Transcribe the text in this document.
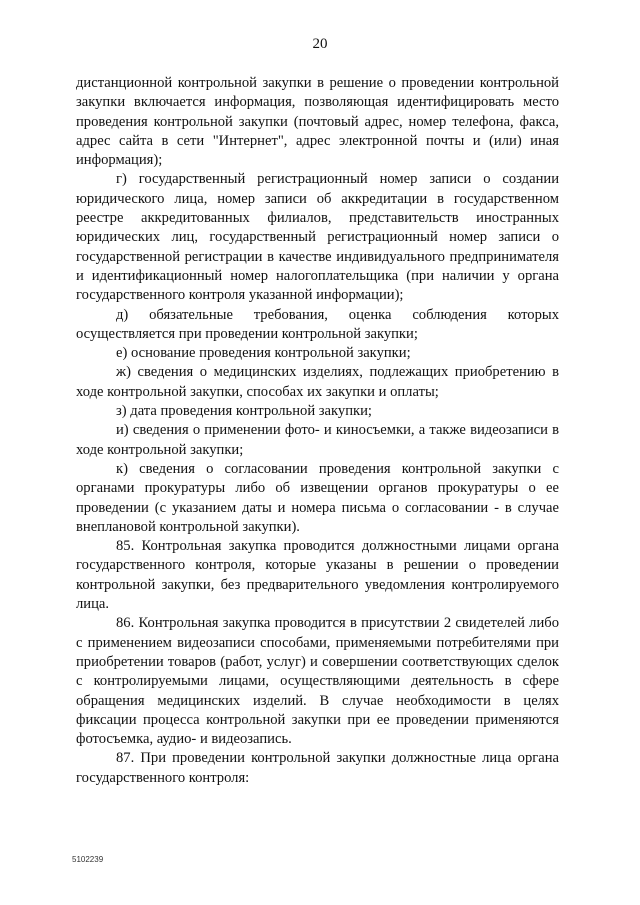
20

дистанционной контрольной закупки в решение о проведении контрольной закупки включается информация, позволяющая идентифицировать место проведения контрольной закупки (почтовый адрес, номер телефона, факса, адрес сайта в сети "Интернет", адрес электронной почты и (или) иная информация);

г) государственный регистрационный номер записи о создании юридического лица, номер записи об аккредитации в государственном реестре аккредитованных филиалов, представительств иностранных юридических лиц, государственный регистрационный номер записи о государственной регистрации в качестве индивидуального предпринимателя и идентификационный номер налогоплательщика (при наличии у органа государственного контроля указанной информации);

д) обязательные требования, оценка соблюдения которых осуществляется при проведении контрольной закупки;

е) основание проведения контрольной закупки;

ж) сведения о медицинских изделиях, подлежащих приобретению в ходе контрольной закупки, способах их закупки и оплаты;

з) дата проведения контрольной закупки;

и) сведения о применении фото- и киносъемки, а также видеозаписи в ходе контрольной закупки;

к) сведения о согласовании проведения контрольной закупки с органами прокуратуры либо об извещении органов прокуратуры о ее проведении (с указанием даты и номера письма о согласовании - в случае внеплановой контрольной закупки).

85. Контрольная закупка проводится должностными лицами органа государственного контроля, которые указаны в решении о проведении контрольной закупки, без предварительного уведомления контролируемого лица.

86. Контрольная закупка проводится в присутствии 2 свидетелей либо с применением видеозаписи способами, применяемыми потребителями при приобретении товаров (работ, услуг) и совершении соответствующих сделок с контролируемыми лицами, осуществляющими деятельность в сфере обращения медицинских изделий. В случае необходимости в целях фиксации процесса контрольной закупки при ее проведении применяются фотосъемка, аудио- и видеозапись.

87. При проведении контрольной закупки должностные лица органа государственного контроля:

5102239
